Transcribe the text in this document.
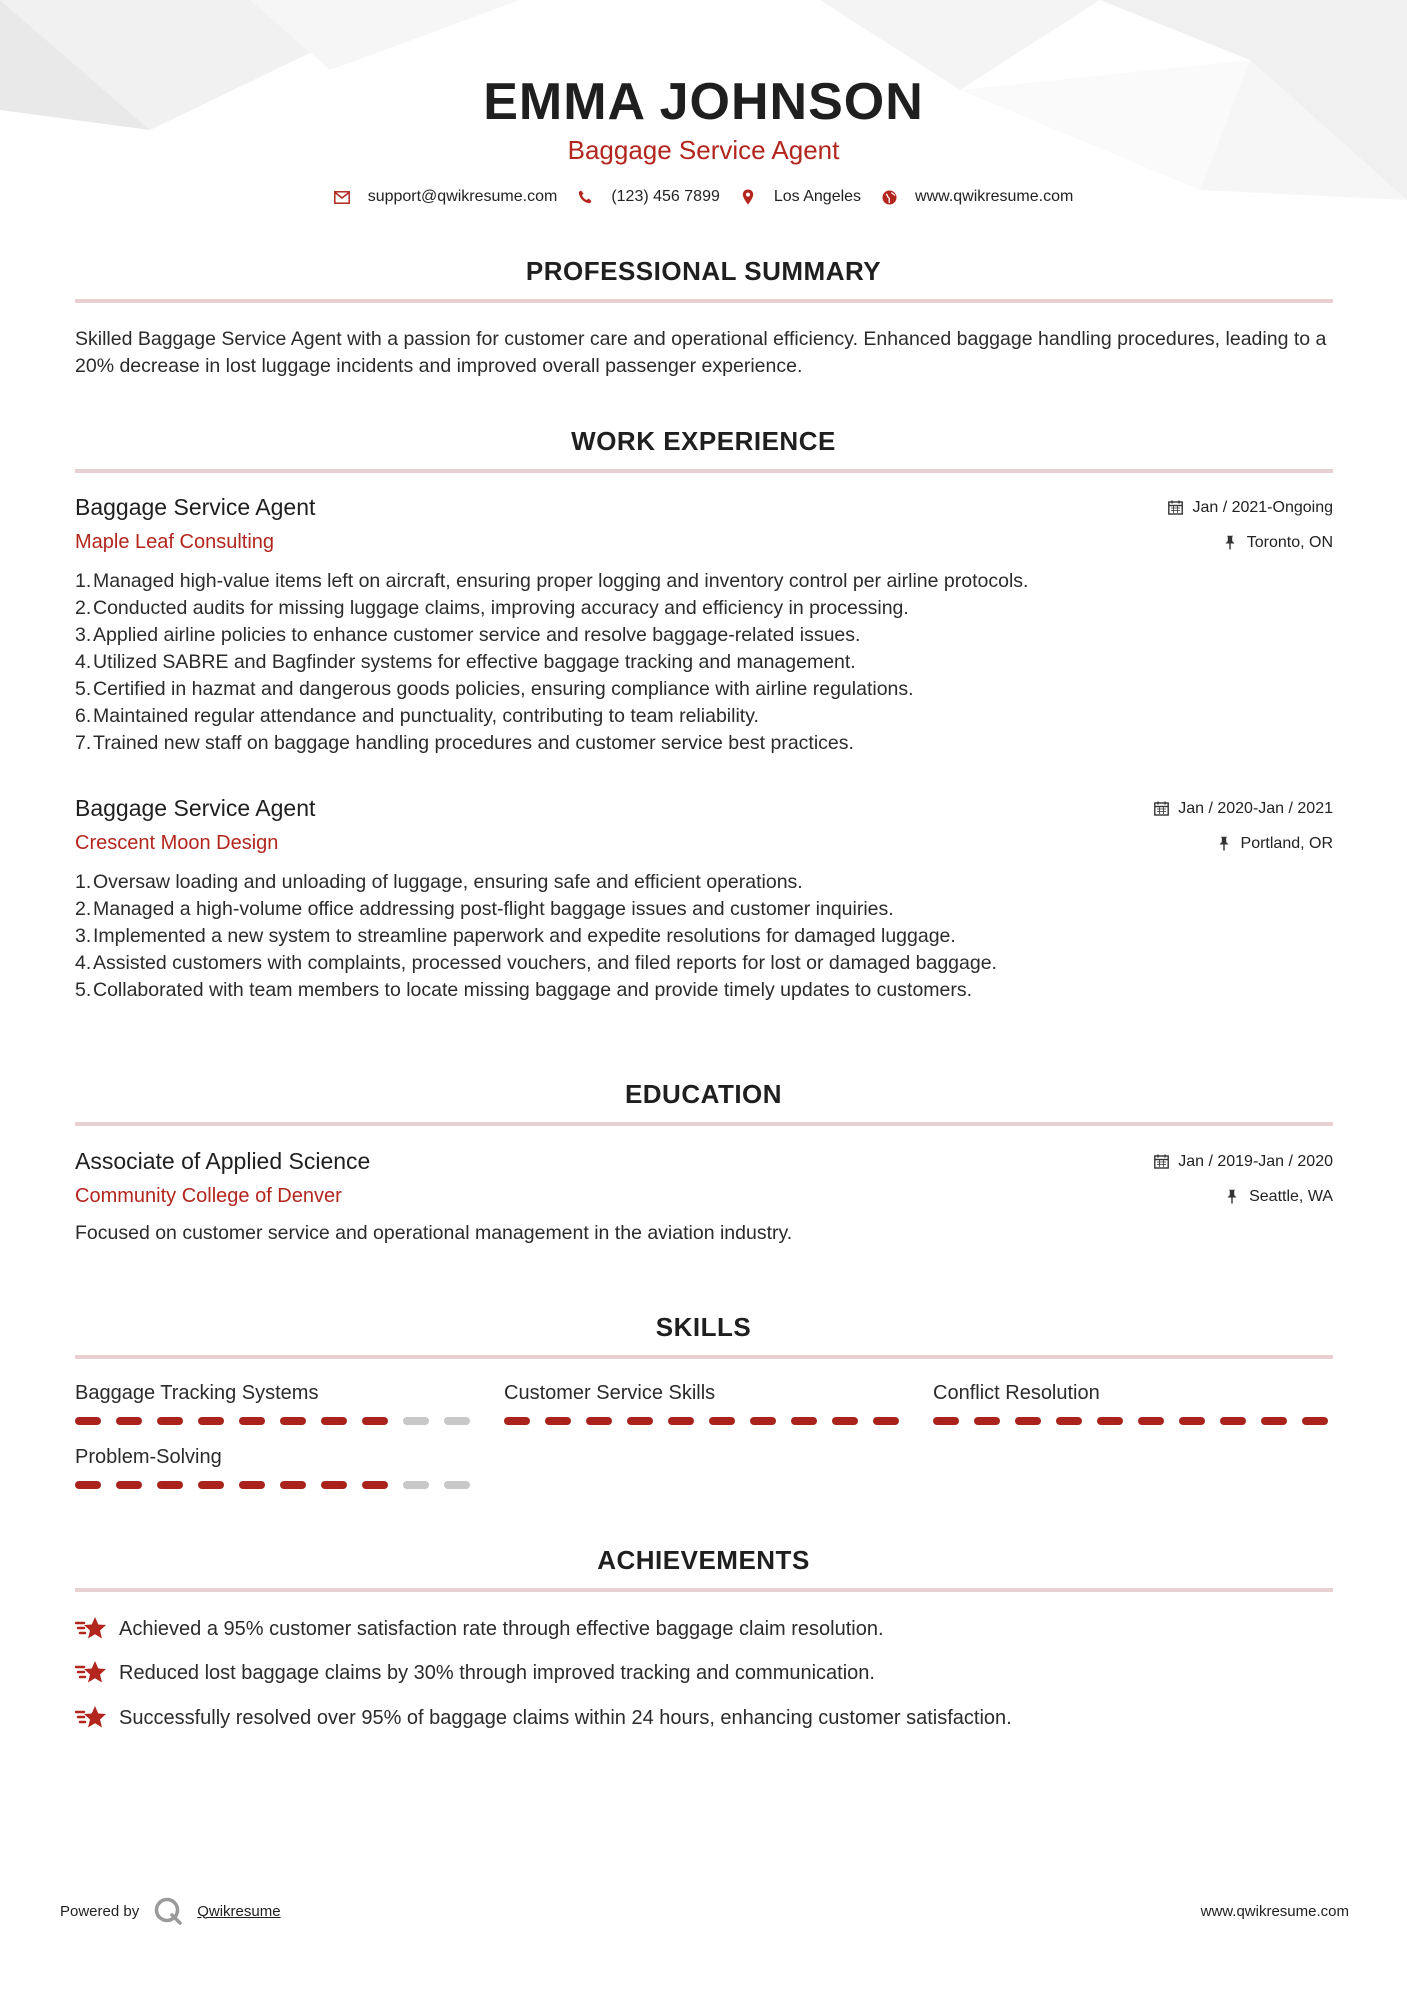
EMMA JOHNSON
Baggage Service Agent
support@qwikresume.com	(123) 456 7899	Los Angeles	www.qwikresume.com
PROFESSIONAL SUMMARY
Skilled Baggage Service Agent with a passion for customer care and operational efficiency. Enhanced baggage handling procedures, leading to a 20% decrease in lost luggage incidents and improved overall passenger experience.
WORK EXPERIENCE
Baggage Service Agent	Jan / 2021-Ongoing
Maple Leaf Consulting	Toronto, ON
1. Managed high-value items left on aircraft, ensuring proper logging and inventory control per airline protocols.
2. Conducted audits for missing luggage claims, improving accuracy and efficiency in processing.
3. Applied airline policies to enhance customer service and resolve baggage-related issues.
4. Utilized SABRE and Bagfinder systems for effective baggage tracking and management.
5. Certified in hazmat and dangerous goods policies, ensuring compliance with airline regulations.
6. Maintained regular attendance and punctuality, contributing to team reliability.
7. Trained new staff on baggage handling procedures and customer service best practices.
Baggage Service Agent	Jan / 2020-Jan / 2021
Crescent Moon Design	Portland, OR
1. Oversaw loading and unloading of luggage, ensuring safe and efficient operations.
2. Managed a high-volume office addressing post-flight baggage issues and customer inquiries.
3. Implemented a new system to streamline paperwork and expedite resolutions for damaged luggage.
4. Assisted customers with complaints, processed vouchers, and filed reports for lost or damaged baggage.
5. Collaborated with team members to locate missing baggage and provide timely updates to customers.
EDUCATION
Associate of Applied Science	Jan / 2019-Jan / 2020
Community College of Denver	Seattle, WA
Focused on customer service and operational management in the aviation industry.
SKILLS
Baggage Tracking Systems	Customer Service Skills	Conflict Resolution
Problem-Solving
ACHIEVEMENTS
Achieved a 95% customer satisfaction rate through effective baggage claim resolution.
Reduced lost baggage claims by 30% through improved tracking and communication.
Successfully resolved over 95% of baggage claims within 24 hours, enhancing customer satisfaction.
Powered by	Qwikresume	www.qwikresume.com
